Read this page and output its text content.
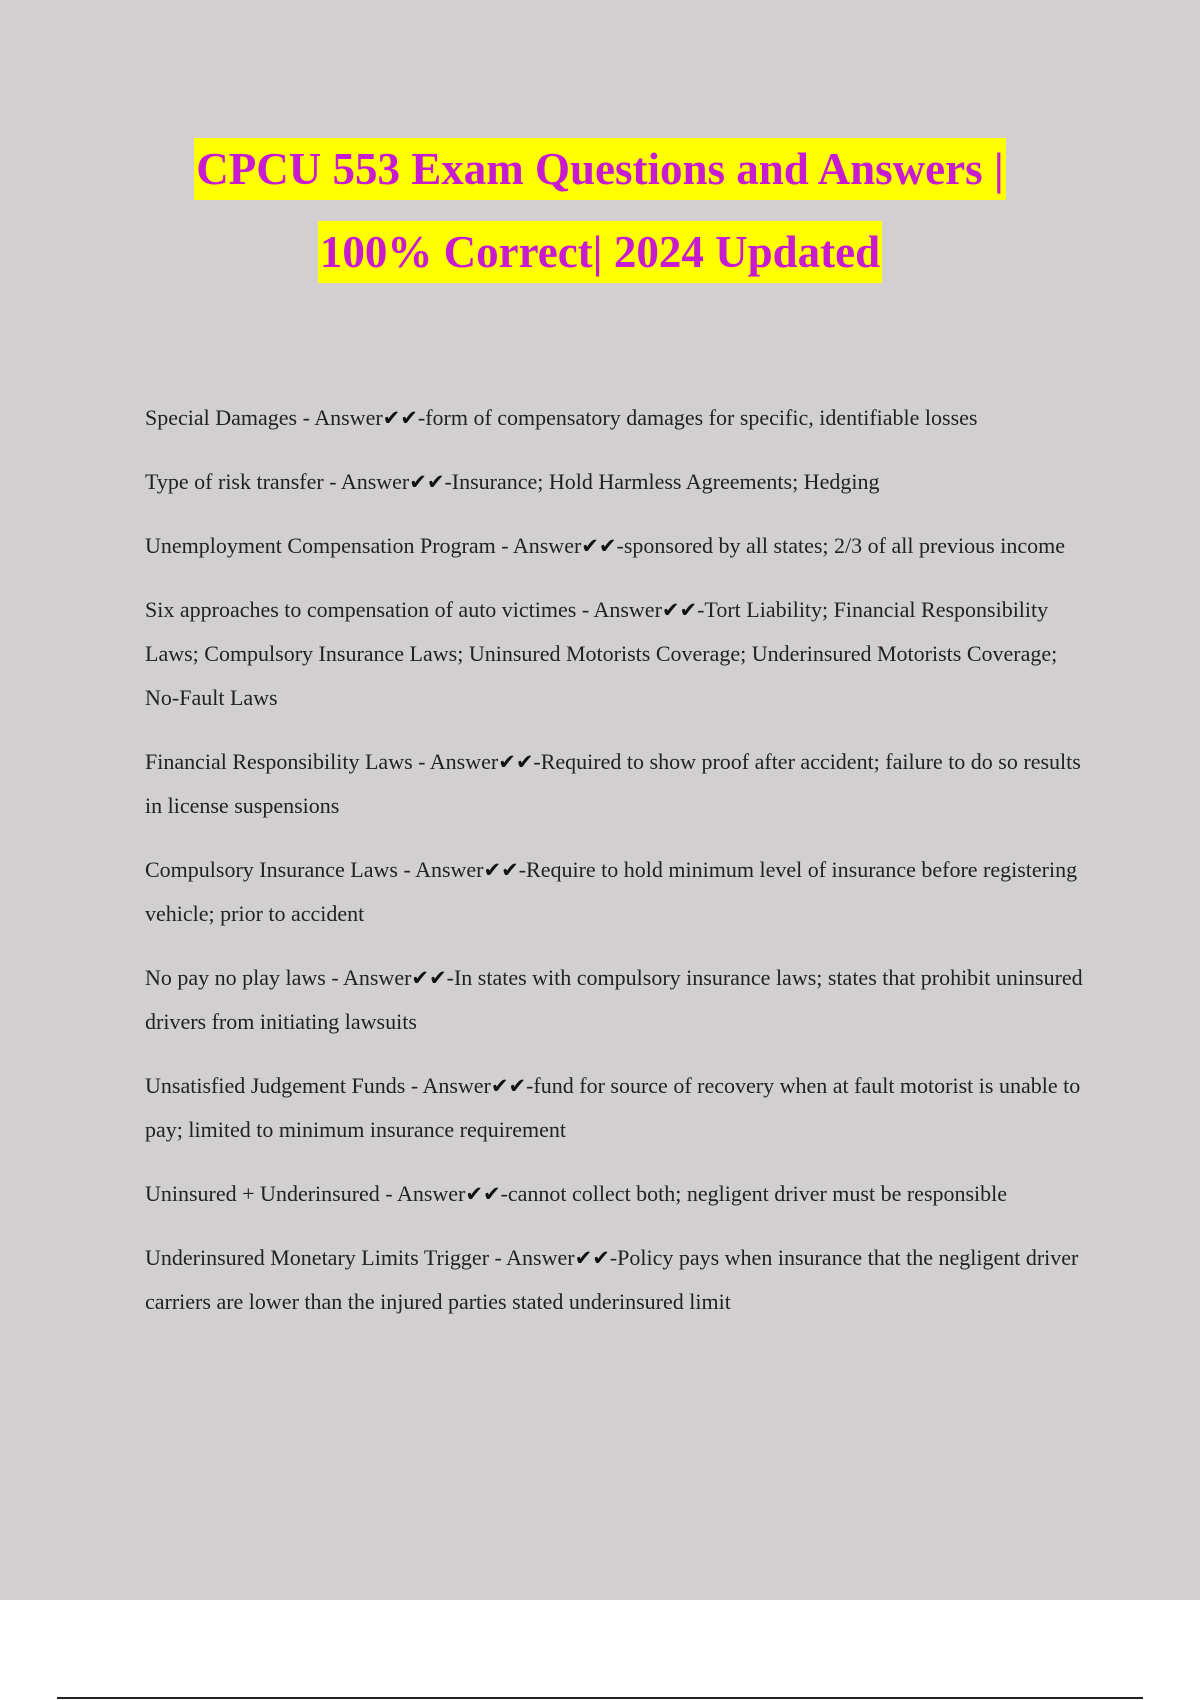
CPCU 553 Exam Questions and Answers |
100% Correct| 2024 Updated

Special Damages - Answer✔✔-form of compensatory damages for specific, identifiable losses

Type of risk transfer - Answer✔✔-Insurance; Hold Harmless Agreements; Hedging

Unemployment Compensation Program - Answer✔✔-sponsored by all states; 2/3 of all previous income

Six approaches to compensation of auto victimes - Answer✔✔-Tort Liability; Financial Responsibility Laws; Compulsory Insurance Laws; Uninsured Motorists Coverage; Underinsured Motorists Coverage; No-Fault Laws

Financial Responsibility Laws - Answer✔✔-Required to show proof after accident; failure to do so results in license suspensions

Compulsory Insurance Laws - Answer✔✔-Require to hold minimum level of insurance before registering vehicle; prior to accident

No pay no play laws - Answer✔✔-In states with compulsory insurance laws; states that prohibit uninsured drivers from initiating lawsuits

Unsatisfied Judgement Funds - Answer✔✔-fund for source of recovery when at fault motorist is unable to pay; limited to minimum insurance requirement

Uninsured + Underinsured - Answer✔✔-cannot collect both; negligent driver must be responsible

Underinsured Monetary Limits Trigger - Answer✔✔-Policy pays when insurance that the negligent driver carriers are lower than the injured parties stated underinsured limit
